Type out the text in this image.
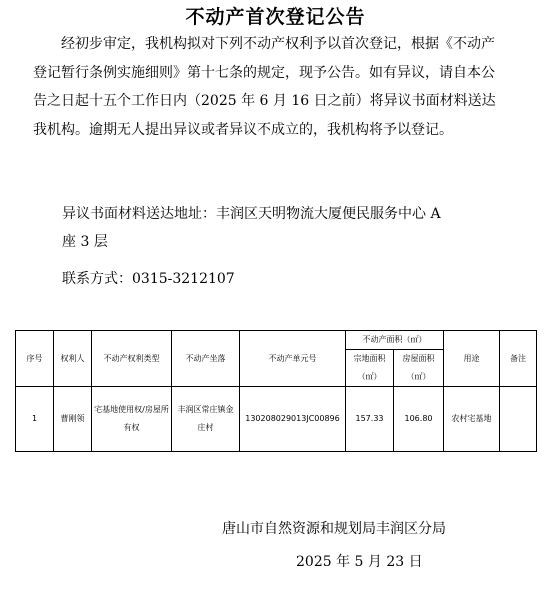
不动产首次登记公告

经初步审定，我机构拟对下列不动产权利予以首次登记，根据《不动产登记暂行条例实施细则》第十七条的规定，现予公告。如有异议，请自本公告之日起十五个工作日内（2025 年 6 月 16 日之前）将异议书面材料送达我机构。逾期无人提出异议或者异议不成立的，我机构将予以登记。

异议书面材料送达地址：丰润区天明物流大厦便民服务中心 A
座 3 层
联系方式：0315-3212107
序号	权利人	不动产权利类型	不动产坐落	不动产单元号	不动产面积（㎡）		用途	备注
					宗地面积（㎡）	房屋面积（㎡）		
1	曹刚领	宅基地使用权/房屋所有权	丰润区常庄镇金庄村	130208029013JC00896	157.33	106.80	农村宅基地	
唐山市自然资源和规划局丰润区分局
2025 年 5 月 23 日
